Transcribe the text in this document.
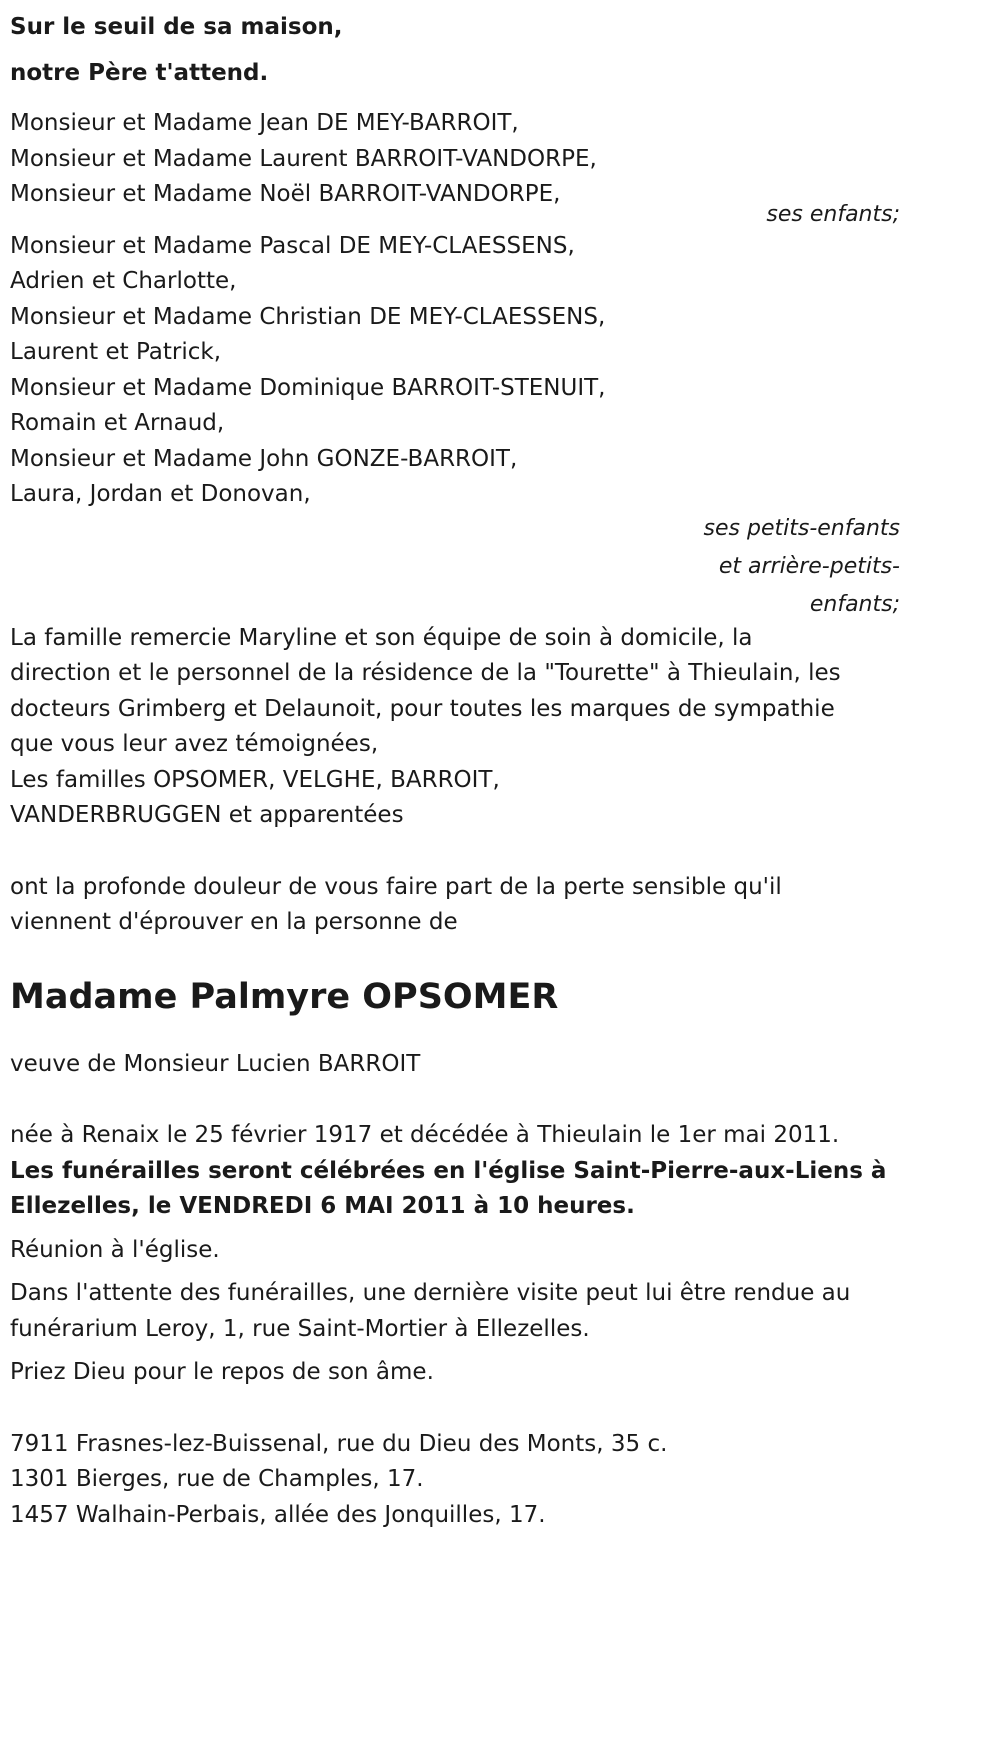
Sur le seuil de sa maison,
notre Père t'attend.
Monsieur et Madame Jean DE MEY-BARROIT,
Monsieur et Madame Laurent BARROIT-VANDORPE,
Monsieur et Madame Noël BARROIT-VANDORPE,
ses enfants;
Monsieur et Madame Pascal DE MEY-CLAESSENS,
Adrien et Charlotte,
Monsieur et Madame Christian DE MEY-CLAESSENS,
Laurent et Patrick,
Monsieur et Madame Dominique BARROIT-STENUIT,
Romain et Arnaud,
Monsieur et Madame John GONZE-BARROIT,
Laura, Jordan et Donovan,
ses petits-enfants
et arrière-petits-
enfants;
La famille remercie Maryline et son équipe de soin à domicile, la
direction et le personnel de la résidence de la "Tourette" à Thieulain, les
docteurs Grimberg et Delaunoit, pour toutes les marques de sympathie
que vous leur avez témoignées,
Les familles OPSOMER, VELGHE, BARROIT,
VANDERBRUGGEN et apparentées
ont la profonde douleur de vous faire part de la perte sensible qu'il
viennent d'éprouver en la personne de
Madame Palmyre OPSOMER
veuve de Monsieur Lucien BARROIT
née à Renaix le 25 février 1917 et décédée à Thieulain le 1er mai 2011.
Les funérailles seront célébrées en l'église Saint-Pierre-aux-Liens à
Ellezelles, le VENDREDI 6 MAI 2011 à 10 heures.
Réunion à l'église.
Dans l'attente des funérailles, une dernière visite peut lui être rendue au
funérarium Leroy, 1, rue Saint-Mortier à Ellezelles.
Priez Dieu pour le repos de son âme.
7911 Frasnes-lez-Buissenal, rue du Dieu des Monts, 35 c.
1301 Bierges, rue de Champles, 17.
1457 Walhain-Perbais, allée des Jonquilles, 17.
